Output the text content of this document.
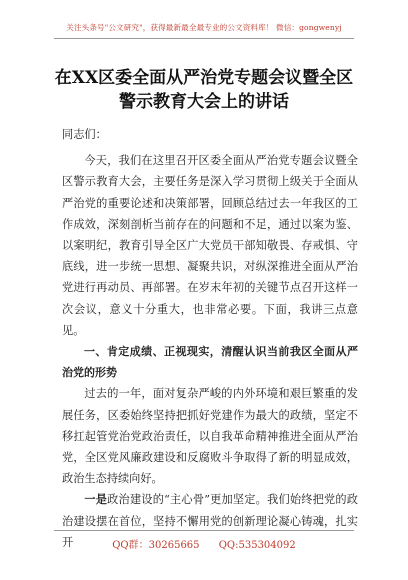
关注头条号"公文研究"，获得最新最全最专业的公文资料库！ 微信：gongwenyj
在XX区委全面从严治党专题会议暨全区
警示教育大会上的讲话

同志们：

今天，我们在这里召开区委全面从严治党专题会议暨全区警示教育大会，主要任务是深入学习贯彻上级关于全面从严治党的重要论述和决策部署，回顾总结过去一年我区的工作成效，深刻剖析当前存在的问题和不足，通过以案为鉴、以案明纪，教育引导全区广大党员干部知敬畏、存戒惧、守底线，进一步统一思想、凝聚共识，对纵深推进全面从严治党进行再动员、再部署。在岁末年初的关键节点召开这样一次会议，意义十分重大，也非常必要。下面，我讲三点意见。

一、肯定成绩、正视现实，清醒认识当前我区全面从严治党的形势

过去的一年，面对复杂严峻的内外环境和艰巨繁重的发展任务，区委始终坚持把抓好党建作为最大的政绩，坚定不移扛起管党治党政治责任，以自我革命精神推进全面从严治党，全区党风廉政建设和反腐败斗争取得了新的明显成效，政治生态持续向好。

一是政治建设的“主心骨”更加坚定。我们始终把党的政治建设摆在首位，坚持不懈用党的创新理论凝心铸魂，扎实开	QQ群：30265665 QQ:535304092
